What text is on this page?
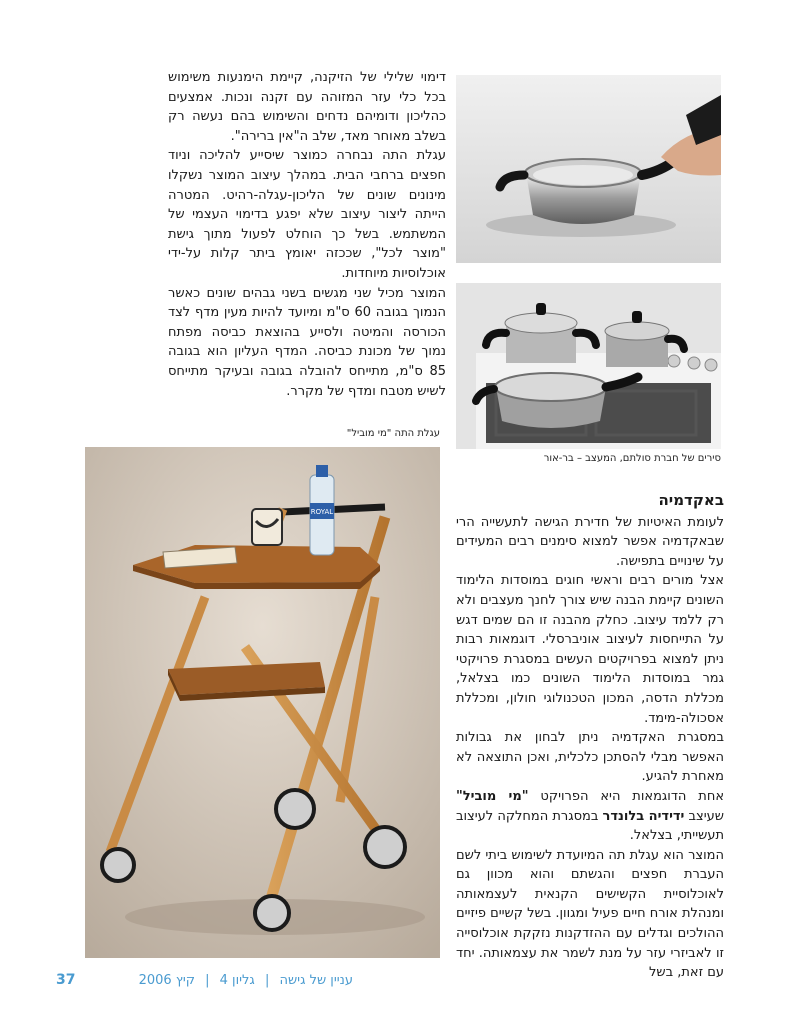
דימוי שלילי של הזיקנה, קיימת הימנעות משימוש בכל כלי עזר המזוהה עם זקנה ונכות. אמצעים כהליכון ודומיהם נדחים והשימוש בהם נעשה רק בשלב מאוחר מאד, שלב ה"אין ברירה".

עגלת התה נבחרה כמוצר שיסייע להליכה וניוד חפצים ברחבי הבית. במהלך עיצוב המוצר נשקלו מינונים שונים של הליכון-עגלה-רהיט. המטרה הייתה ליצור עיצוב שלא יפגע בדימוי העצמי של המשתמש. בשל כך הוחלט לפעול מתוך גישת "מוצר לכל", שככזה יאומץ ביתר קלות על-ידי אוכלוסיות מיוחדות.

המוצר מכיל שני מגשים בשני גבהים שונים כאשר הנמוך בגובה 60 ס"מ ומיועד להיות מעין מדף לצד הכורסה והמיטה ולסייע בהוצאת כביסה מפתח נמוך של מכונת כביסה. המדף העליון הוא בגובה 85 ס"מ, מתייחס להובלה בגובה ובעיקר מתייחס לשיש מטבח ומדף של מקרר.

סירים של חברת סולתם, המעצב – בר-אור
עגלת התה "מי מוביל"
ROYAL

באקדמיה

לעומת האיטיות של חדירת הגישה לתעשייה הרי שבאקדמיה אפשר למצוא סימנים רבים המעידים על שינויים בתפישה.

אצל מורים רבים וראשי חוגים במוסדות הלימוד השונים קיימת הבנה שיש צורך לחנך מעצבים ולא רק ללמד עיצוב. כחלק מהבנה זו הם שמים דגש על התייחסות לעיצוב אוניברסלי. דוגמאות רבות ניתן למצוא בפרויקטים העשים במסגרת פרויקטי גמר במוסדות הלימוד השונים כמו בצלאל, מכללת הדסה, המכון הטכנולוגי חולון, ומכללת אסכולה-מימד.

במסגרת האקדמיה ניתן לבחון את גבולות האפשר מבלי להסתכן כלכלית, ואכן התוצאה לא מאחרת להגיע.

אחת הדוגמאות היא הפרויקט "מי מוביל" שעיצב ידידיה בלונדר במסגרת המחלקה לעיצוב תעשייתי, בצלאל.

המוצר הוא עגלת תה המיועדת לשימוש ביתי לשם העברת חפצים והגשתם והוא מכוון גם לאוכלוסיית הקשישים הקנאית לעצמאותה ומנהלת אורח חיים פעיל ומגוון. בשל קשיים פיזיים ההולכים וגדלים עם ההזדקנות נזקקת אוכלוסייה זו לאביזרי עזר על מנת לשמר את עצמאותה. יחד עם זאת, בשל

עניין של גישה | גליון 4 | קיץ 2006
37
